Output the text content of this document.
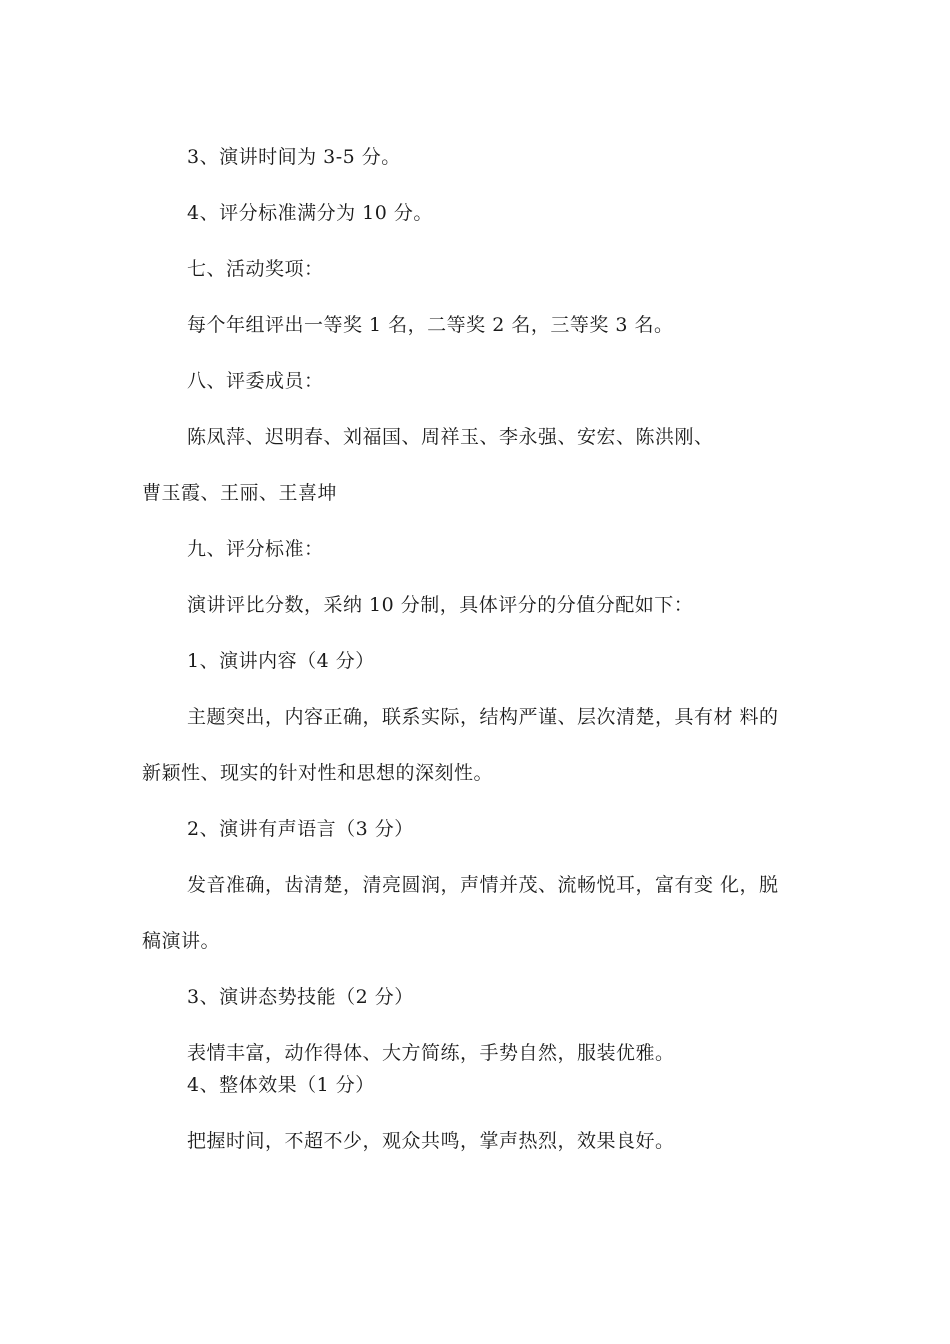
3、演讲时间为 3-5 分。
4、评分标准满分为 10 分。
七、活动奖项：
每个年组评出一等奖 1 名，二等奖 2 名，三等奖 3 名。
八、评委成员：
陈凤萍、迟明春、刘福国、周祥玉、李永强、安宏、陈洪刚、
曹玉霞、王丽、王喜坤
九、评分标准：
演讲评比分数，采纳 10 分制，具体评分的分值分配如下：
1、演讲内容（4 分）
主题突出，内容正确，联系实际，结构严谨、层次清楚，具有材 料的
新颖性、现实的针对性和思想的深刻性。
2、演讲有声语言（3 分）
发音准确，齿清楚，清亮圆润，声情并茂、流畅悦耳，富有变 化，脱
稿演讲。
3、演讲态势技能（2 分）
表情丰富，动作得体、大方简练，手势自然，服装优雅。
4、整体效果（1 分）
把握时间，不超不少，观众共鸣，掌声热烈，效果良好。
